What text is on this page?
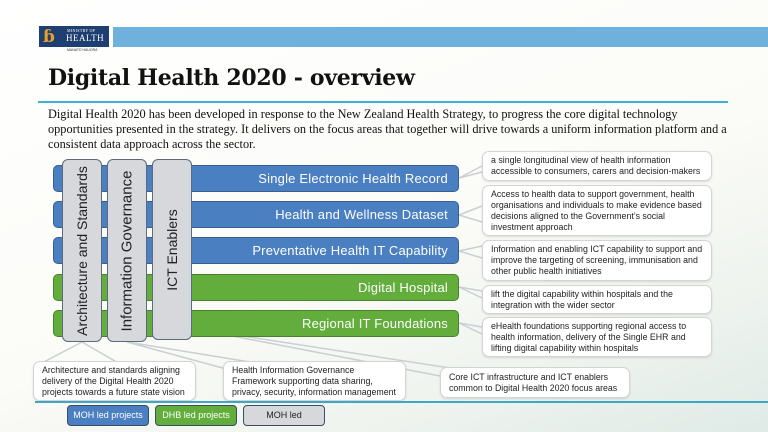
ɓ	MINISTRY OF
HEALTH
MANATŪ HAUORA
Digital Health 2020 - overview
Digital Health 2020 has been developed in response to the New Zealand Health Strategy, to progress the core digital technology opportunities presented in the strategy. It delivers on the focus areas that together will drive towards a uniform information platform and a consistent data approach across the sector.
Single Electronic Health Record
Health and Wellness Dataset
Preventative Health IT Capability
Digital Hospital
Regional IT Foundations
Architecture and Standards Information Governance ICT Enablers
a single longitudinal view of health information accessible to consumers, carers and decision-makers
Access to health data to support government, health organisations and individuals to make evidence based decisions aligned to the Government’s social investment approach
Information and enabling ICT capability to support and improve the targeting of screening, immunisation and other public health initiatives
lift the digital capability within hospitals and the integration with the wider sector
eHealth foundations supporting regional access to health information, delivery of the Single EHR and lifting digital capability within hospitals
Architecture and standards aligning delivery of the Digital Health 2020 projects towards a future state vision
Health Information Governance Framework supporting data sharing, privacy, security, information management
Core ICT infrastructure and ICT enablers common to Digital Health 2020 focus areas
MOH led projects	DHB led projects	MOH led
